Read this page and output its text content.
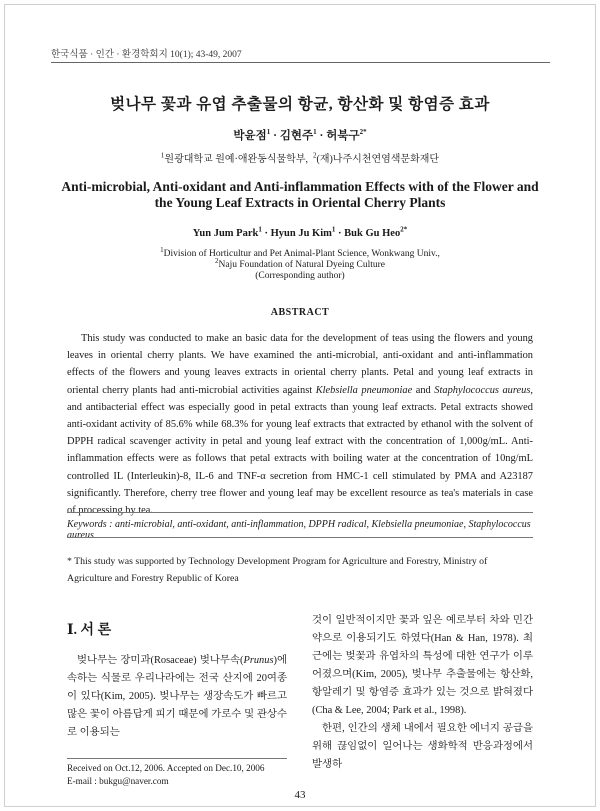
한국식품 · 인간 · 환경학회지 10(1); 43-49, 2007
벚나무 꽃과 유엽 추출물의 항균, 항산화 및 항염증 효과
박윤점$^1$ · 김현주$^1$ · 허북구$^{2*}$
$^1$원광대학교 원예·애완동식물학부, $^2$(재)나주시천연염색문화재단
Anti-microbial, Anti-oxidant and Anti-inflammation Effects with of the Flower and the Young Leaf Extracts in Oriental Cherry Plants
Yun Jum Park$^1$ · Hyun Ju Kim$^1$ · Buk Gu Heo$^{2*}$
$^1$Division of Horticultur and Pet Animal-Plant Science, Wonkwang Univ.,
$^2$Naju Foundation of Natural Dyeing Culture
(Corresponding author)
ABSTRACT
This study was conducted to make an basic data for the development of teas using the flowers and young leaves in oriental cherry plants. We have examined the anti-microbial, anti-oxidant and anti-inflammation effects of the flowers and young leaves extracts in oriental cherry plants. Petal and young leaf extracts in oriental cherry plants had anti-microbial activities against Klebsiella pneumoniae and Staphylococcus aureus, and antibacterial effect was especially good in petal extracts than young leaf extracts. Petal extracts showed anti-oxidant activity of 85.6% while 68.3% for young leaf extracts that extracted by ethanol with the solvent of DPPH radical scavenger activity in petal and young leaf extract with the concentration of 1,000g/mL. Anti-inflammation effects were as follows that petal extracts with boiling water at the concentration of 10ng/mL controlled IL (Interleukin)-8, IL-6 and TNF-α secretion from HMC-1 cell stimulated by PMA and A23187 significantly. Therefore, cherry tree flower and young leaf may be excellent resource as tea's materials in case of processing by tea.
Keywords : anti-microbial, anti-oxidant, anti-inflammation, DPPH radical, Klebsiella pneumoniae, Staphylococcus aureus
* This study was supported by Technology Development Program for Agriculture and Forestry, Ministry of Agriculture and Forestry Republic of Korea
Ⅰ. 서 론
벚나무는 장미과(Rosaceae) 벚나무속(Prunus)에 속하는 식물로 우리나라에는 전국 산지에 20여종이 있다(Kim, 2005). 벚나무는 생장속도가 빠르고 많은 꽃이 아름답게 피기 때문에 가로수 및 관상수로 이용되는
Received on Oct.12, 2006. Accepted on Dec.10, 2006
E-mail : bukgu@naver.com

것이 일반적이지만 꽃과 잎은 예로부터 차와 민간약으로 이용되기도 하였다(Han & Han, 1978). 최근에는 벚꽃과 유엽차의 특성에 대한 연구가 이루어졌으며(Kim, 2005), 벚나무 추출물에는 항산화, 항알레기 및 항염증 효과가 있는 것으로 밝혀졌다(Cha & Lee, 2004; Park et al., 1998).

한편, 인간의 생체 내에서 필요한 에너지 공급을 위해 끊임없이 일어나는 생화학적 반응과정에서 발생하

43
